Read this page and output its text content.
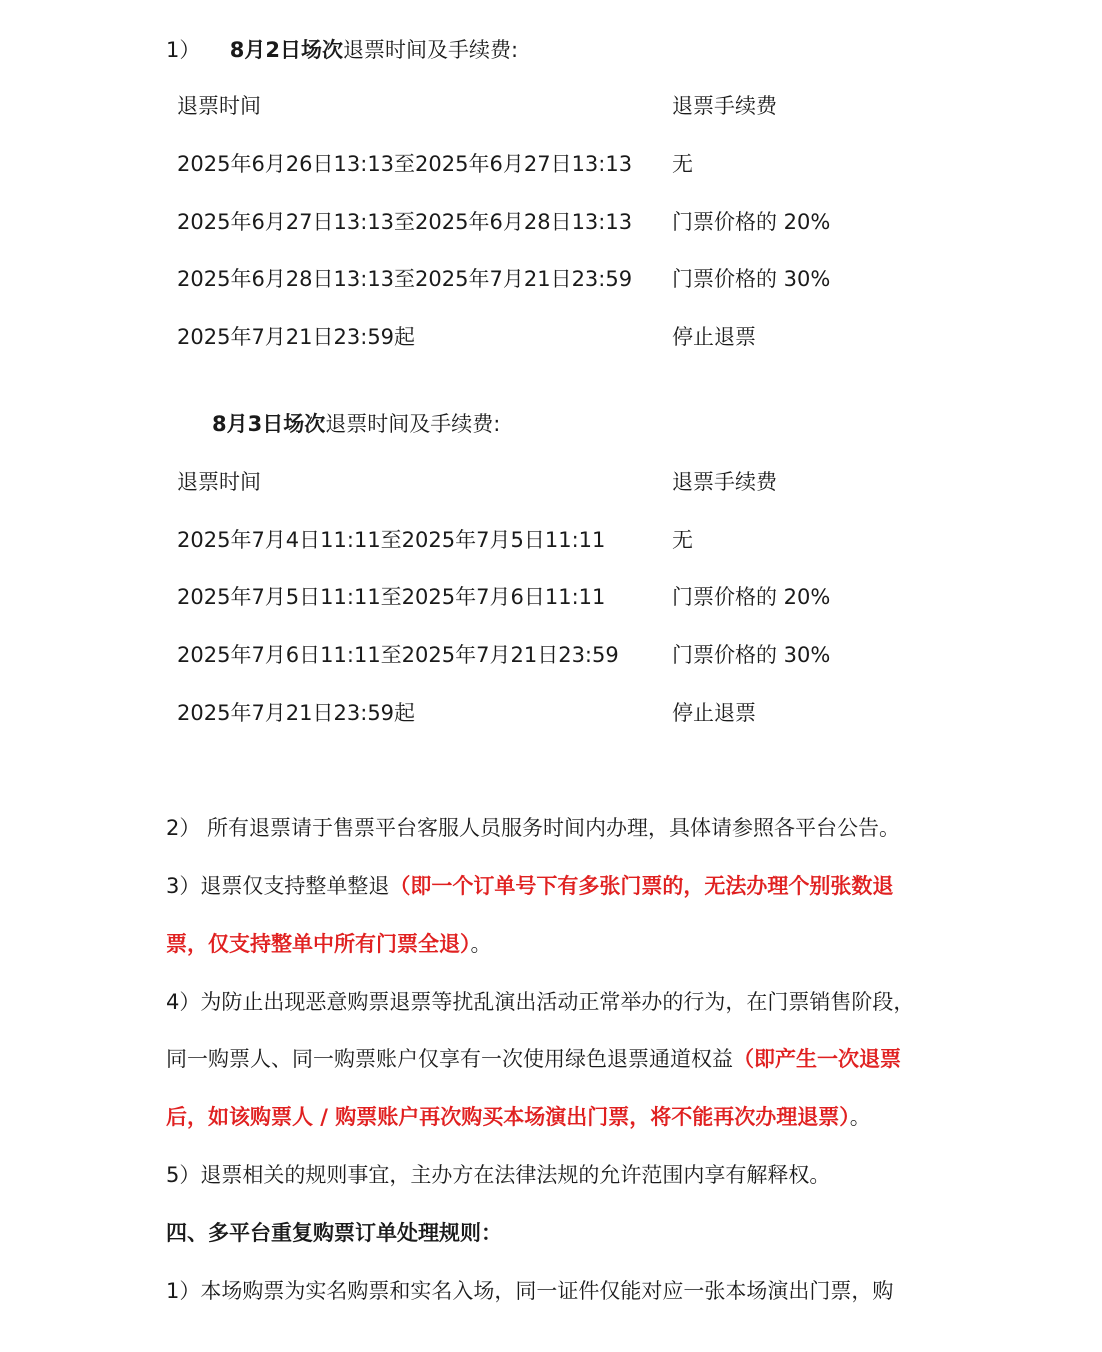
1） 8月2日场次退票时间及手续费:
退票时间	退票手续费
2025年6月26日13:13至2025年6月27日13:13 无
2025年6月27日13:13至2025年6月28日13:13 门票价格的 20%
2025年6月28日13:13至2025年7月21日23:59 门票价格的 30%
2025年7月21日23:59起	停止退票
8月3日场次退票时间及手续费:
退票时间	退票手续费
2025年7月4日11:11至2025年7月5日11:11	无
2025年7月5日11:11至2025年7月6日11:11	门票价格的 20%
2025年7月6日11:11至2025年7月21日23:59	门票价格的 30%
2025年7月21日23:59起	停止退票
2） 所有退票请于售票平台客服人员服务时间内办理，具体请参照各平台公告。
3）退票仅支持整单整退（即一个订单号下有多张门票的，无法办理个别张数退
票，仅支持整单中所有门票全退）。
4）为防止出现恶意购票退票等扰乱演出活动正常举办的行为，在门票销售阶段，
同一购票人、同一购票账户仅享有一次使用绿色退票通道权益（即产生一次退票
后，如该购票人 / 购票账户再次购买本场演出门票，将不能再次办理退票）。
5）退票相关的规则事宜，主办方在法律法规的允许范围内享有解释权。
四、多平台重复购票订单处理规则：
1）本场购票为实名购票和实名入场，同一证件仅能对应一张本场演出门票，购
